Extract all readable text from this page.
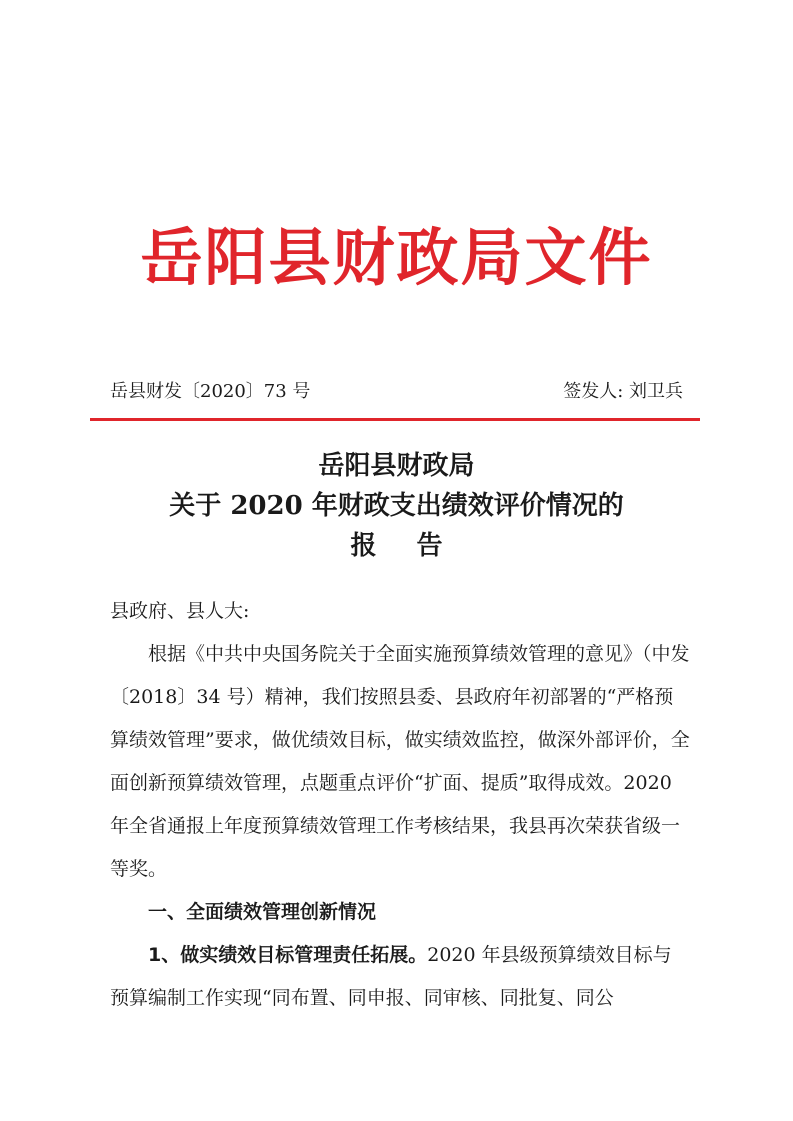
岳阳县财政局文件
岳县财发〔2020〕73 号	签发人: 刘卫兵
岳阳县财政局
关于 2020 年财政支出绩效评价情况的
报告

县政府、县人大:

根据《中共中央国务院关于全面实施预算绩效管理的意见》（中发〔2018〕34 号）精神，我们按照县委、县政府年初部署的“严格预算绩效管理”要求，做优绩效目标，做实绩效监控，做深外部评价，全面创新预算绩效管理，点题重点评价“扩面、提质”取得成效。2020 年全省通报上年度预算绩效管理工作考核结果，我县再次荣获省级一等奖。

一、全面绩效管理创新情况

1、做实绩效目标管理责任拓展。2020 年县级预算绩效目标与预算编制工作实现“同布置、同申报、同审核、同批复、同公
